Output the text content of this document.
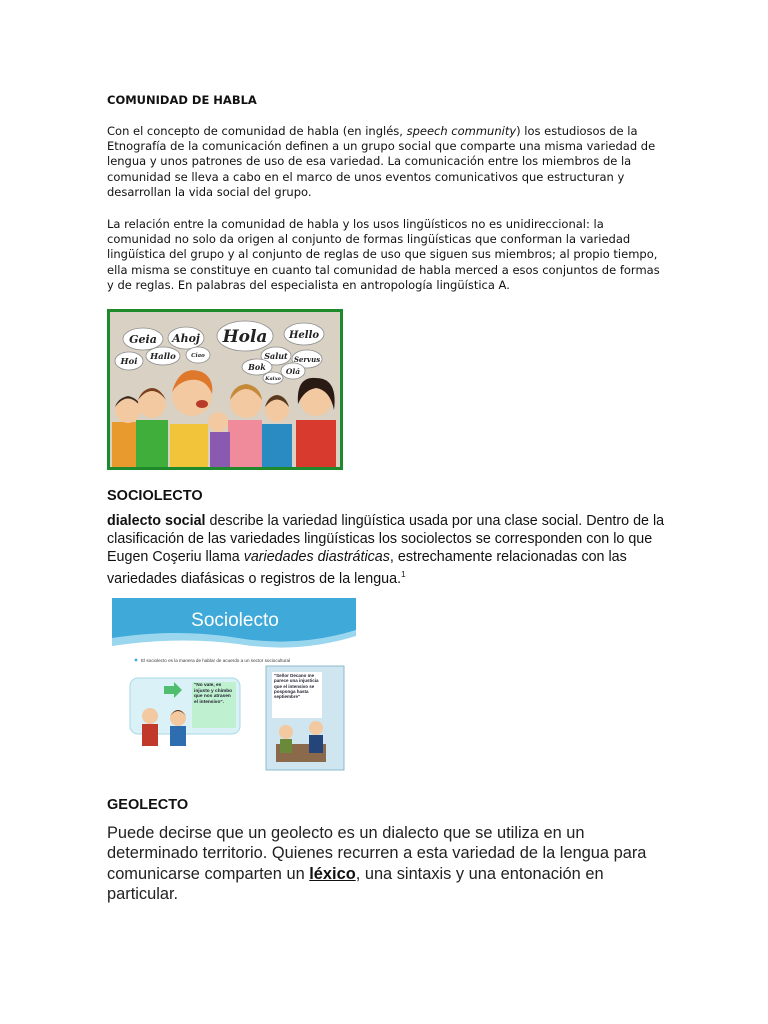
COMUNIDAD DE HABLA
Con el concepto de comunidad de habla (en inglés, speech community) los estudiosos de la Etnografía de la comunicación definen a un grupo social que comparte una misma variedad de lengua y unos patrones de uso de esa variedad. La comunicación entre los miembros de la comunidad se lleva a cabo en el marco de unos eventos comunicativos que estructuran y desarrollan la vida social del grupo.
La relación entre la comunidad de habla y los usos lingüísticos no es unidireccional: la comunidad no solo da origen al conjunto de formas lingüísticas que conforman la variedad lingüística del grupo y al conjunto de reglas de uso que siguen sus miembros; al propio tiempo, ella misma se constituye en cuanto tal comunidad de habla merced a esos conjuntos de formas y de reglas. En palabras del especialista en antropología lingüística A.
Geia Ahoj Hola Hello
Hoi Hallo	Ciao	Salut Servus
Bok	Olá
Kaixo
SOCIOLECTO
dialecto social describe la variedad lingüística usada por una clase social. Dentro de la clasificación de las variedades lingüísticas los sociolectos se corresponden con lo que Eugen Coşeriu llama variedades diastráticas, estrechamente relacionadas con las variedades diafásicas o registros de la lengua.$^1$
Sociolecto
El sociolecto es la manera de hablar de acuerdo a un sector sociocultural
"No vale, es injusto y chimbo que nos atrasen el intensivo".
"Señor Decano me parece una injusticia que el intensivo se posponga hasta septiembre"
GEOLECTO
Puede decirse que un geolecto es un dialecto que se utiliza en un determinado territorio. Quienes recurren a esta variedad de la lengua para comunicarse comparten un léxico, una sintaxis y una entonación en particular.
